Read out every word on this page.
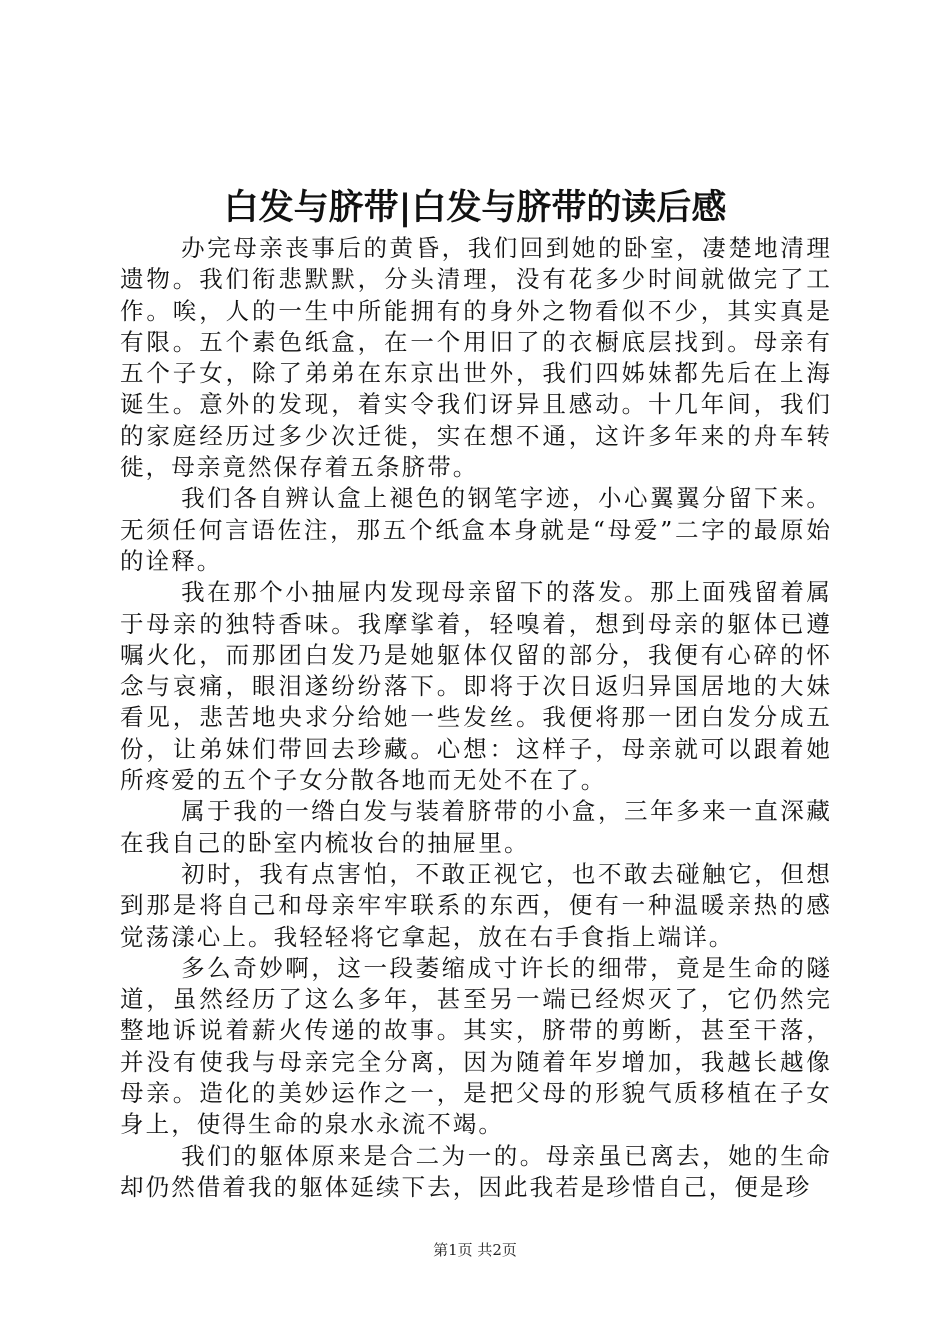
白发与脐带|白发与脐带的读后感

办完母亲丧事后的黄昏，我们回到她的卧室，凄楚地清理遗物。我们衔悲默默，分头清理，没有花多少时间就做完了工作。唉，人的一生中所能拥有的身外之物看似不少，其实真是有限。五个素色纸盒，在一个用旧了的衣橱底层找到。母亲有五个子女，除了弟弟在东京出世外，我们四姊妹都先后在上海诞生。意外的发现，着实令我们讶异且感动。十几年间，我们的家庭经历过多少次迁徙，实在想不通，这许多年来的舟车转徙，母亲竟然保存着五条脐带。

我们各自辨认盒上褪色的钢笔字迹，小心翼翼分留下来。无须任何言语佐注，那五个纸盒本身就是“母爱”二字的最原始的诠释。

我在那个小抽屉内发现母亲留下的落发。那上面残留着属于母亲的独特香味。我摩挲着，轻嗅着，想到母亲的躯体已遵嘱火化，而那团白发乃是她躯体仅留的部分，我便有心碎的怀念与哀痛，眼泪遂纷纷落下。即将于次日返归异国居地的大妹看见，悲苦地央求分给她一些发丝。我便将那一团白发分成五份，让弟妹们带回去珍藏。心想：这样子，母亲就可以跟着她所疼爱的五个子女分散各地而无处不在了。

属于我的一绺白发与装着脐带的小盒，三年多来一直深藏在我自己的卧室内梳妆台的抽屉里。

初时，我有点害怕，不敢正视它，也不敢去碰触它，但想到那是将自己和母亲牢牢联系的东西，便有一种温暖亲热的感觉荡漾心上。我轻轻将它拿起，放在右手食指上端详。

多么奇妙啊，这一段萎缩成寸许长的细带，竟是生命的隧道，虽然经历了这么多年，甚至另一端已经烬灭了，它仍然完整地诉说着薪火传递的故事。其实，脐带的剪断，甚至干落，并没有使我与母亲完全分离，因为随着年岁增加，我越长越像母亲。造化的美妙运作之一，是把父母的形貌气质移植在子女身上，使得生命的泉水永流不竭。

我们的躯体原来是合二为一的。母亲虽已离去，她的生命却仍然借着我的躯体延续下去，因此我若是珍惜自己，便是珍

第1页 共2页
